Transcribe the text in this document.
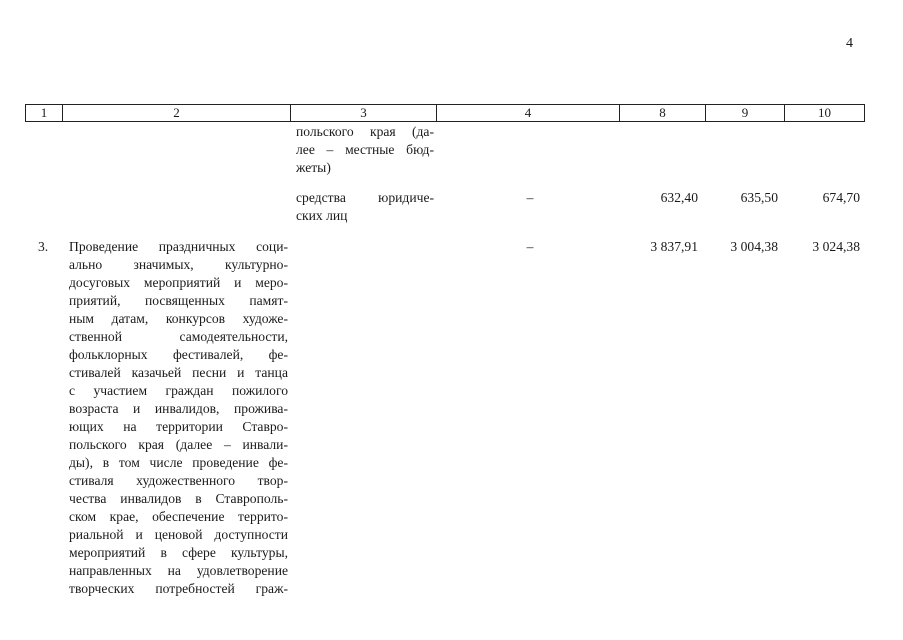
4
1	2	3	4	8	9	10
польского края (да-
лее – местные бюд-
жеты)
средства юридиче-
ских лиц
–	632,40	635,50	674,70
3. Проведение праздничных соци-
ально значимых, культурно-
досуговых мероприятий и меро-
приятий, посвященных памят-
ным датам, конкурсов художе-
ственной самодеятельности,
фольклорных фестивалей, фе-
стивалей казачьей песни и танца
с участием граждан пожилого
возраста и инвалидов, прожива-
ющих на территории Ставро-
польского края (далее – инвали-
ды), в том числе проведение фе-
стиваля художественного твор-
чества инвалидов в Ставрополь-
ском крае, обеспечение террито-
риальной и ценовой доступности
мероприятий в сфере культуры,
направленных на удовлетворение
творческих потребностей граж-
–	3 837,91	3 004,38	3 024,38
